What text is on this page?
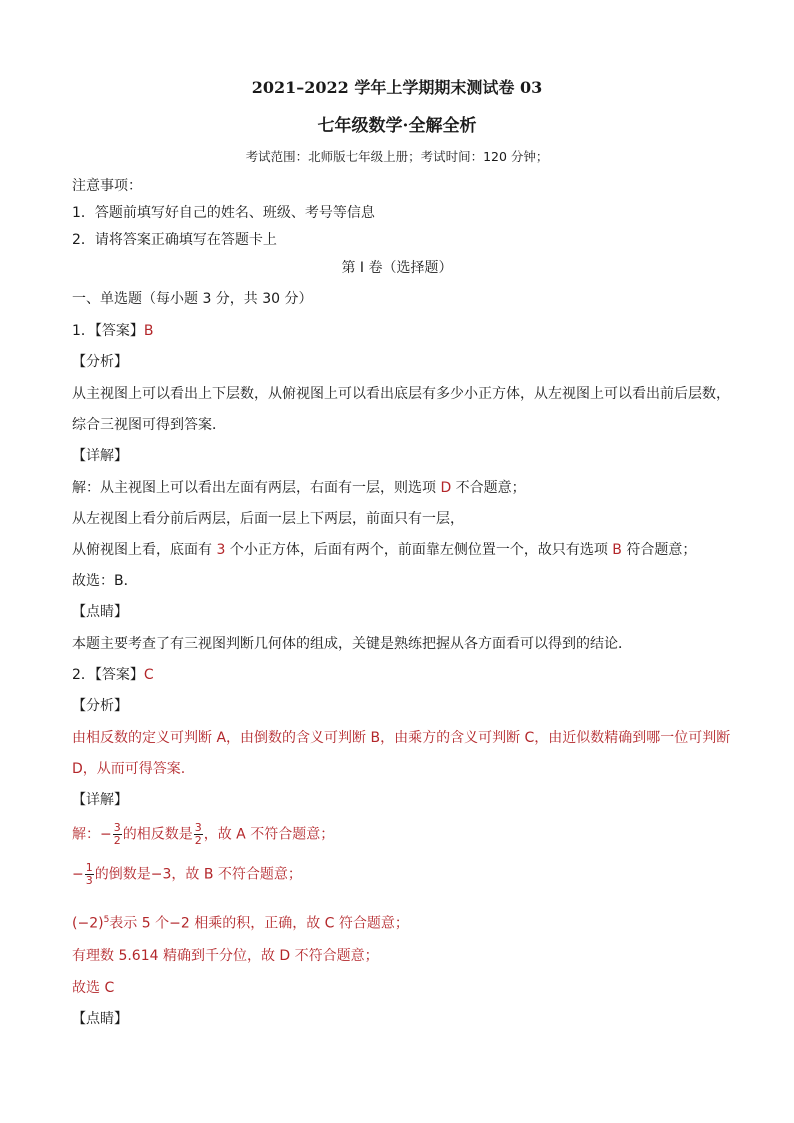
2021–2022 学年上学期期末测试卷 03
七年级数学·全解全析
考试范围：北师版七年级上册；考试时间：120 分钟；
注意事项：
1．答题前填写好自己的姓名、班级、考号等信息
2．请将答案正确填写在答题卡上
第 I 卷（选择题）
一、单选题（每小题 3 分，共 30 分）
1．【答案】B
【分析】
从主视图上可以看出上下层数，从俯视图上可以看出底层有多少小正方体，从左视图上可以看出前后层数，
综合三视图可得到答案．
【详解】
解：从主视图上可以看出左面有两层，右面有一层，则选项 D 不合题意；
从左视图上看分前后两层，后面一层上下两层，前面只有一层，
从俯视图上看，底面有 3 个小正方体，后面有两个，前面靠左侧位置一个，故只有选项 B 符合题意；
故选：B．
【点睛】
本题主要考查了有三视图判断几何体的组成，关键是熟练把握从各方面看可以得到的结论．
2．【答案】C
【分析】
由相反数的定义可判断 A，由倒数的含义可判断 B，由乘方的含义可判断 C，由近似数精确到哪一位可判断
D，从而可得答案.
【详解】
解：− $\frac{3}{2}$ 的相反数是 $\frac{3}{2}$ ，故 A 不符合题意；
− $\frac{1}{3}$ 的倒数是−3，故 B 不符合题意；
$(-2)^5$表示 5 个−2 相乘的积，正确，故 C 符合题意；
有理数 5.614 精确到千分位，故 D 不符合题意；
故选 C
【点睛】
